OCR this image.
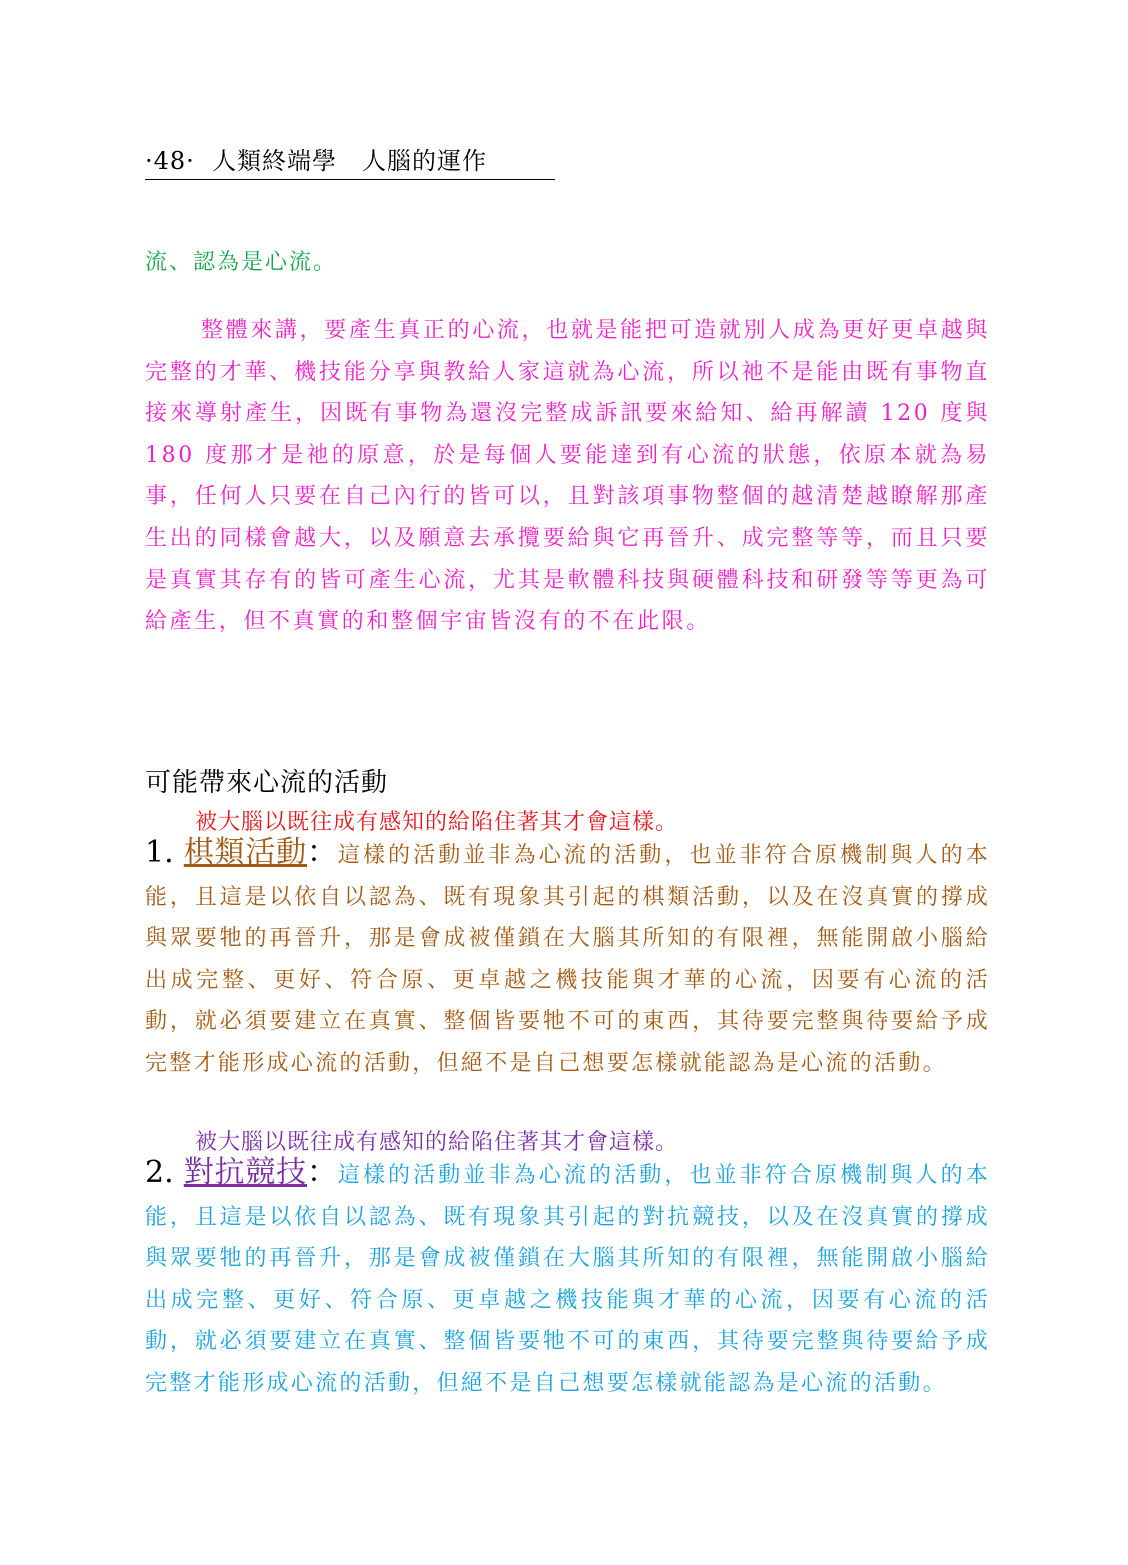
·48· 人類終端學　人腦的運作
流、認為是心流。
整體來講，要產生真正的心流，也就是能把可造就別人成為更好更卓越與完整的才華、機技能分享與教給人家這就為心流，所以祂不是能由既有事物直接來導射產生，因既有事物為還沒完整成訴訊要來給知、給再解讀 120 度與 180 度那才是祂的原意，於是每個人要能達到有心流的狀態，依原本就為易事，任何人只要在自己內行的皆可以，且對該項事物整個的越清楚越瞭解那產生出的同樣會越大，以及願意去承攬要給與它再晉升、成完整等等，而且只要是真實其存有的皆可產生心流，尤其是軟體科技與硬體科技和研發等等更為可給產生，但不真實的和整個宇宙皆沒有的不在此限。
可能帶來心流的活動
被大腦以既往成有感知的給陷住著其才會這樣。
1. 棋類活動：這樣的活動並非為心流的活動，也並非符合原機制與人的本能，且這是以依自以認為、既有現象其引起的棋類活動，以及在沒真實的撐成與眾要牠的再晉升，那是會成被僅鎖在大腦其所知的有限裡，無能開啟小腦給出成完整、更好、符合原、更卓越之機技能與才華的心流，因要有心流的活動，就必須要建立在真實、整個皆要牠不可的東西，其待要完整與待要給予成完整才能形成心流的活動，但絕不是自己想要怎樣就能認為是心流的活動。
被大腦以既往成有感知的給陷住著其才會這樣。
2. 對抗競技：這樣的活動並非為心流的活動，也並非符合原機制與人的本能，且這是以依自以認為、既有現象其引起的對抗競技，以及在沒真實的撐成與眾要牠的再晉升，那是會成被僅鎖在大腦其所知的有限裡，無能開啟小腦給出成完整、更好、符合原、更卓越之機技能與才華的心流，因要有心流的活動，就必須要建立在真實、整個皆要牠不可的東西，其待要完整與待要給予成完整才能形成心流的活動，但絕不是自己想要怎樣就能認為是心流的活動。
